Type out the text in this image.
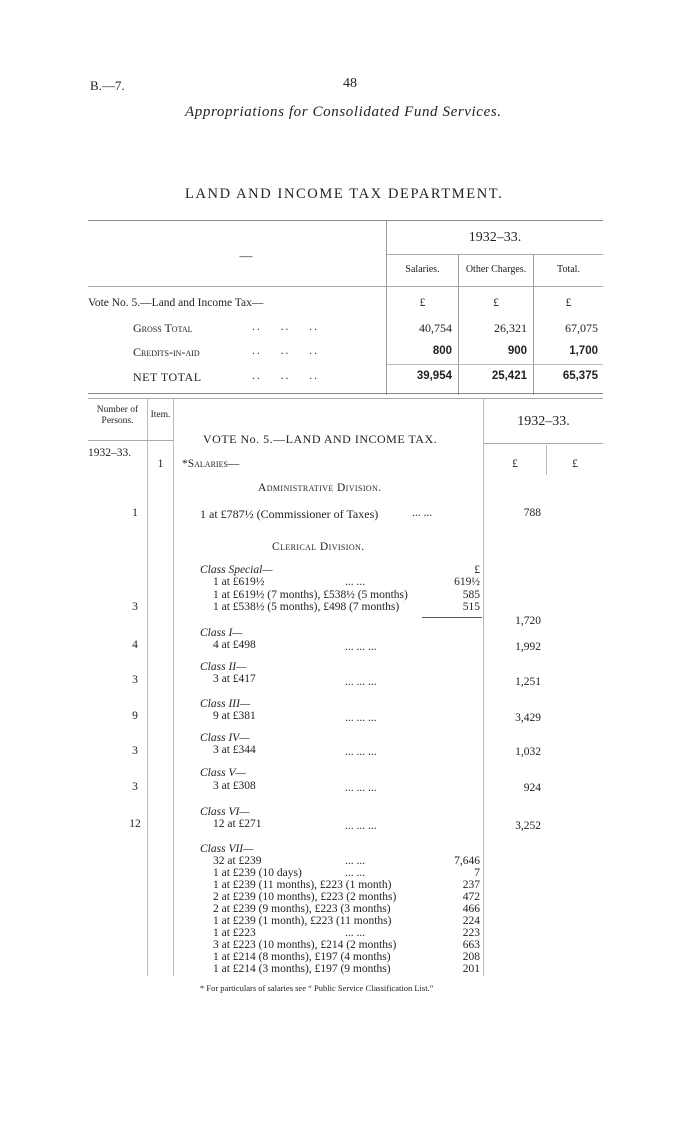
B.—7.	48
Appropriations for Consolidated Fund Services.
LAND AND INCOME TAX DEPARTMENT.
—
1932–33.
Salaries.	Other Charges.	Total.
Vote No. 5.—Land and Income Tax—	£	£	£
Gross Total	.. .. ..	40,754	26,321	67,075
Credits-in-aid	.. .. ..	800	900	1,700
NET TOTAL	.. .. ..	39,954	25,421	65,375
Number of Persons.
Item.	1932–33.
VOTE No. 5.—LAND AND INCOME TAX.
1932–33.
1	*Salaries—	£	£
Administrative Division.
1	1 at £787½ (Commissioner of Taxes)	... ...	788
Clerical Division.
Class Special—	£
1 at £619½	... ...	619½
1 at £619½ (7 months), £538½ (5 months)	585
3	1 at £538½ (5 months), £498 (7 months)	515
1,720
Class I—
4	4 at £498	... ... ...	1,992
Class II—
3	3 at £417	... ... ...	1,251
Class III—
9	9 at £381	... ... ...	3,429
Class IV—
3	3 at £344	... ... ...	1,032
Class V—
3	3 at £308	... ... ...	924
Class VI—
12	12 at £271	... ... ...	3,252
Class VII—
32 at £239	... ...	7,646
1 at £239 (10 days)	... ...	7
1 at £239 (11 months), £223 (1 month)	237
2 at £239 (10 months), £223 (2 months)	472
2 at £239 (9 months), £223 (3 months)	466
1 at £239 (1 month), £223 (11 months)	224
1 at £223	... ...	223
3 at £223 (10 months), £214 (2 months)	663
1 at £214 (8 months), £197 (4 months)	208
1 at £214 (3 months), £197 (9 months)	201
* For particulars of salaries see “ Public Service Classification List.”
